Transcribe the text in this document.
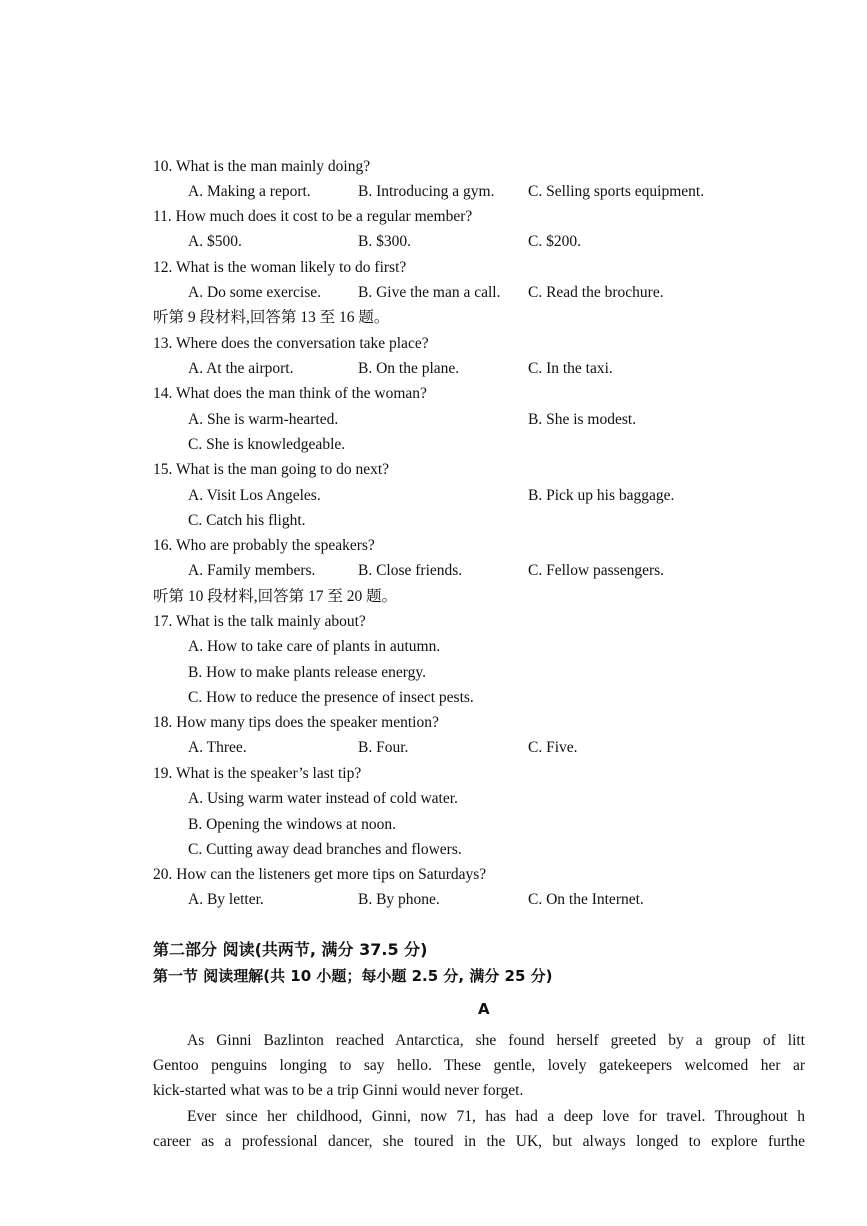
10. What is the man mainly doing?
A. Making a report.	B. Introducing a gym. C. Selling sports equipment.
11. How much does it cost to be a regular member?
A. $500.	B. $300.	C. $200.
12. What is the woman likely to do first?
A. Do some exercise. B. Give the man a call. C. Read the brochure.
听第 9 段材料,回答第 13 至 16 题。
13. Where does the conversation take place?
A. At the airport.	B. On the plane.	C. In the taxi.
14. What does the man think of the woman?
A. She is warm-hearted.	B. She is modest.
C. She is knowledgeable.
15. What is the man going to do next?
A. Visit Los Angeles.	B. Pick up his baggage.
C. Catch his flight.
16. Who are probably the speakers?
A. Family members.	B. Close friends.	C. Fellow passengers.
听第 10 段材料,回答第 17 至 20 题。
17. What is the talk mainly about?
A. How to take care of plants in autumn.
B. How to make plants release energy.
C. How to reduce the presence of insect pests.
18. How many tips does the speaker mention?
A. Three.	B. Four.	C. Five.
19. What is the speaker’s last tip?
A. Using warm water instead of cold water.
B. Opening the windows at noon.
C. Cutting away dead branches and flowers.
20. How can the listeners get more tips on Saturdays?
A. By letter.	B. By phone.	C. On the Internet.
第二部分 阅读(共两节, 满分 37.5 分)
第一节 阅读理解(共 10 小题；每小题 2.5 分, 满分 25 分)
A
As Ginni Bazlinton reached Antarctica, she found herself greeted by a group of litt
Gentoo penguins longing to say hello. These gentle, lovely gatekeepers welcomed her ar
kick-started what was to be a trip Ginni would never forget.
Ever since her childhood, Ginni, now 71, has had a deep love for travel. Throughout h
career as a professional dancer, she toured in the UK, but always longed to explore furthe
